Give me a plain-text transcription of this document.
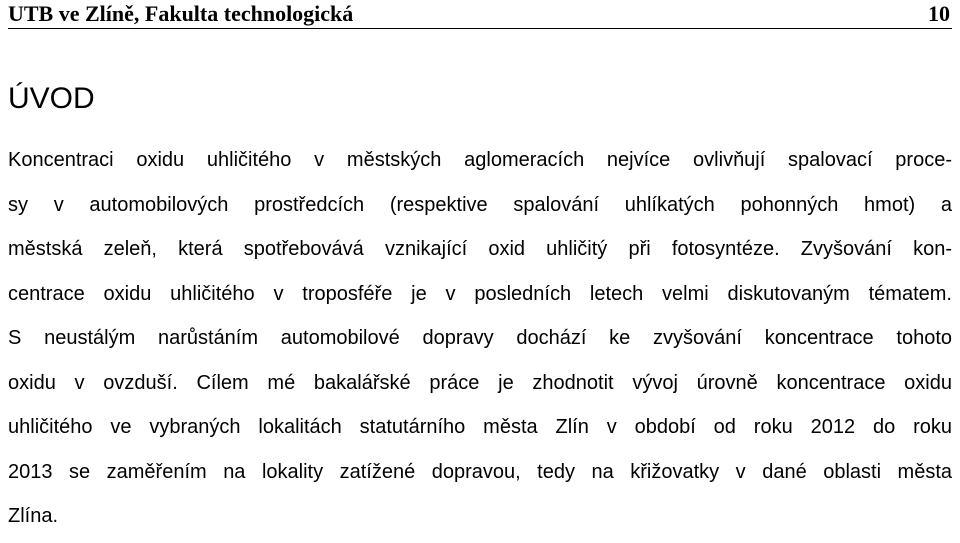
UTB ve Zlíně, Fakulta technologická	10
ÚVOD
Koncentraci oxidu uhličitého v městských aglomeracích nejvíce ovlivňují spalovací proce-
sy v automobilových prostředcích (respektive spalování uhlíkatých pohonných hmot) a
městská zeleň, která spotřebovává vznikající oxid uhličitý při fotosyntéze. Zvyšování kon-
centrace oxidu uhličitého v troposféře je v posledních letech velmi diskutovaným tématem.
S neustálým narůstáním automobilové dopravy dochází ke zvyšování koncentrace tohoto
oxidu v ovzduší. Cílem mé bakalářské práce je zhodnotit vývoj úrovně koncentrace oxidu
uhličitého ve vybraných lokalitách statutárního města Zlín v období od roku 2012 do roku
2013 se zaměřením na lokality zatížené dopravou, tedy na křižovatky v dané oblasti města
Zlína.
